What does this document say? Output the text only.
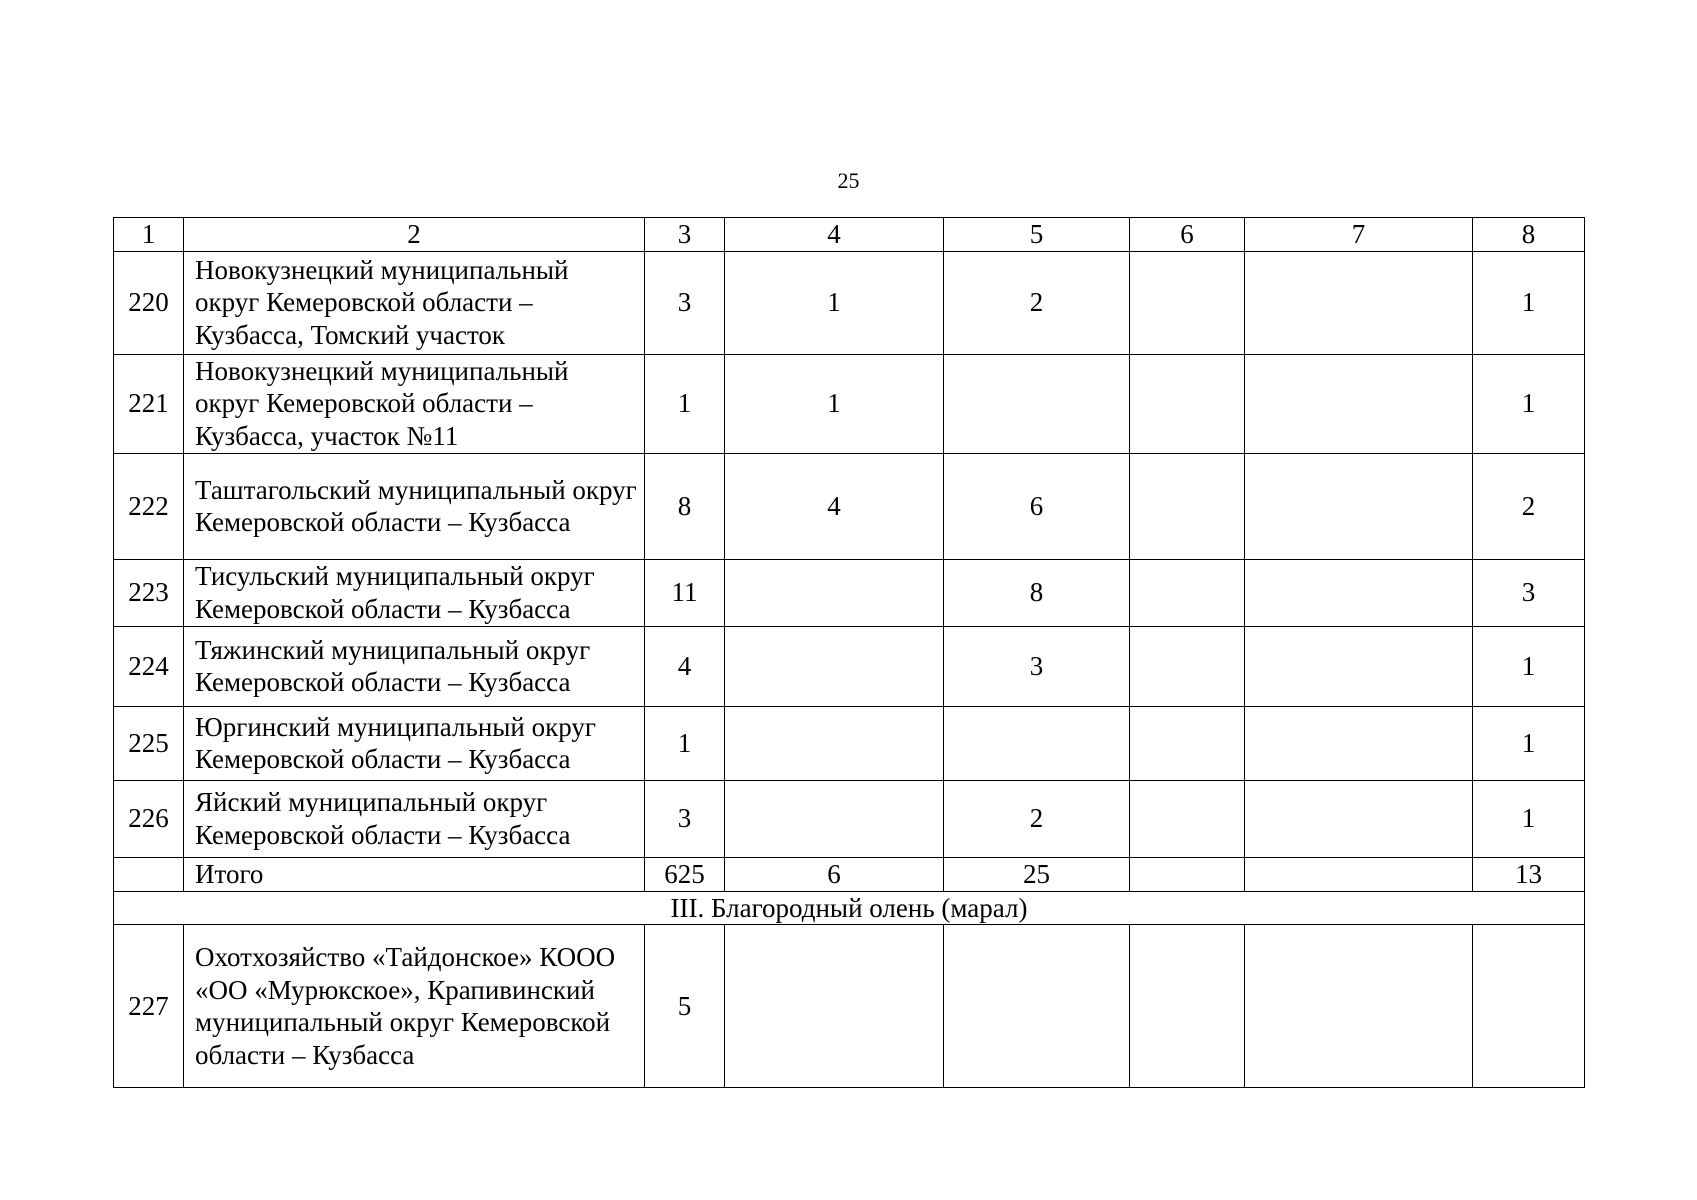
25
1	2	3	4	5	6	7	8
220	Новокузнецкий муниципальный округ Кемеровской области – Кузбасса, Томский участок	3	1	2			1
221	Новокузнецкий муниципальный округ Кемеровской области – Кузбасса, участок №11	1	1				1
222	Таштагольский муниципальный округ Кемеровской области – Кузбасса	8	4	6			2
223	Тисульский муниципальный округ Кемеровской области – Кузбасса	11		8			3
224	Тяжинский муниципальный округ Кемеровской области – Кузбасса	4		3			1
225	Юргинский муниципальный округ Кемеровской области – Кузбасса	1					1
226	Яйский муниципальный округ Кемеровской области – Кузбасса	3		2			1
	Итого	625	6	25			13
III. Благородный олень (марал)							
227	Охотхозяйство «Тайдонское» КООО «ОО «Мурюкское», Крапивинский муниципальный округ Кемеровской области – Кузбасса	5					
